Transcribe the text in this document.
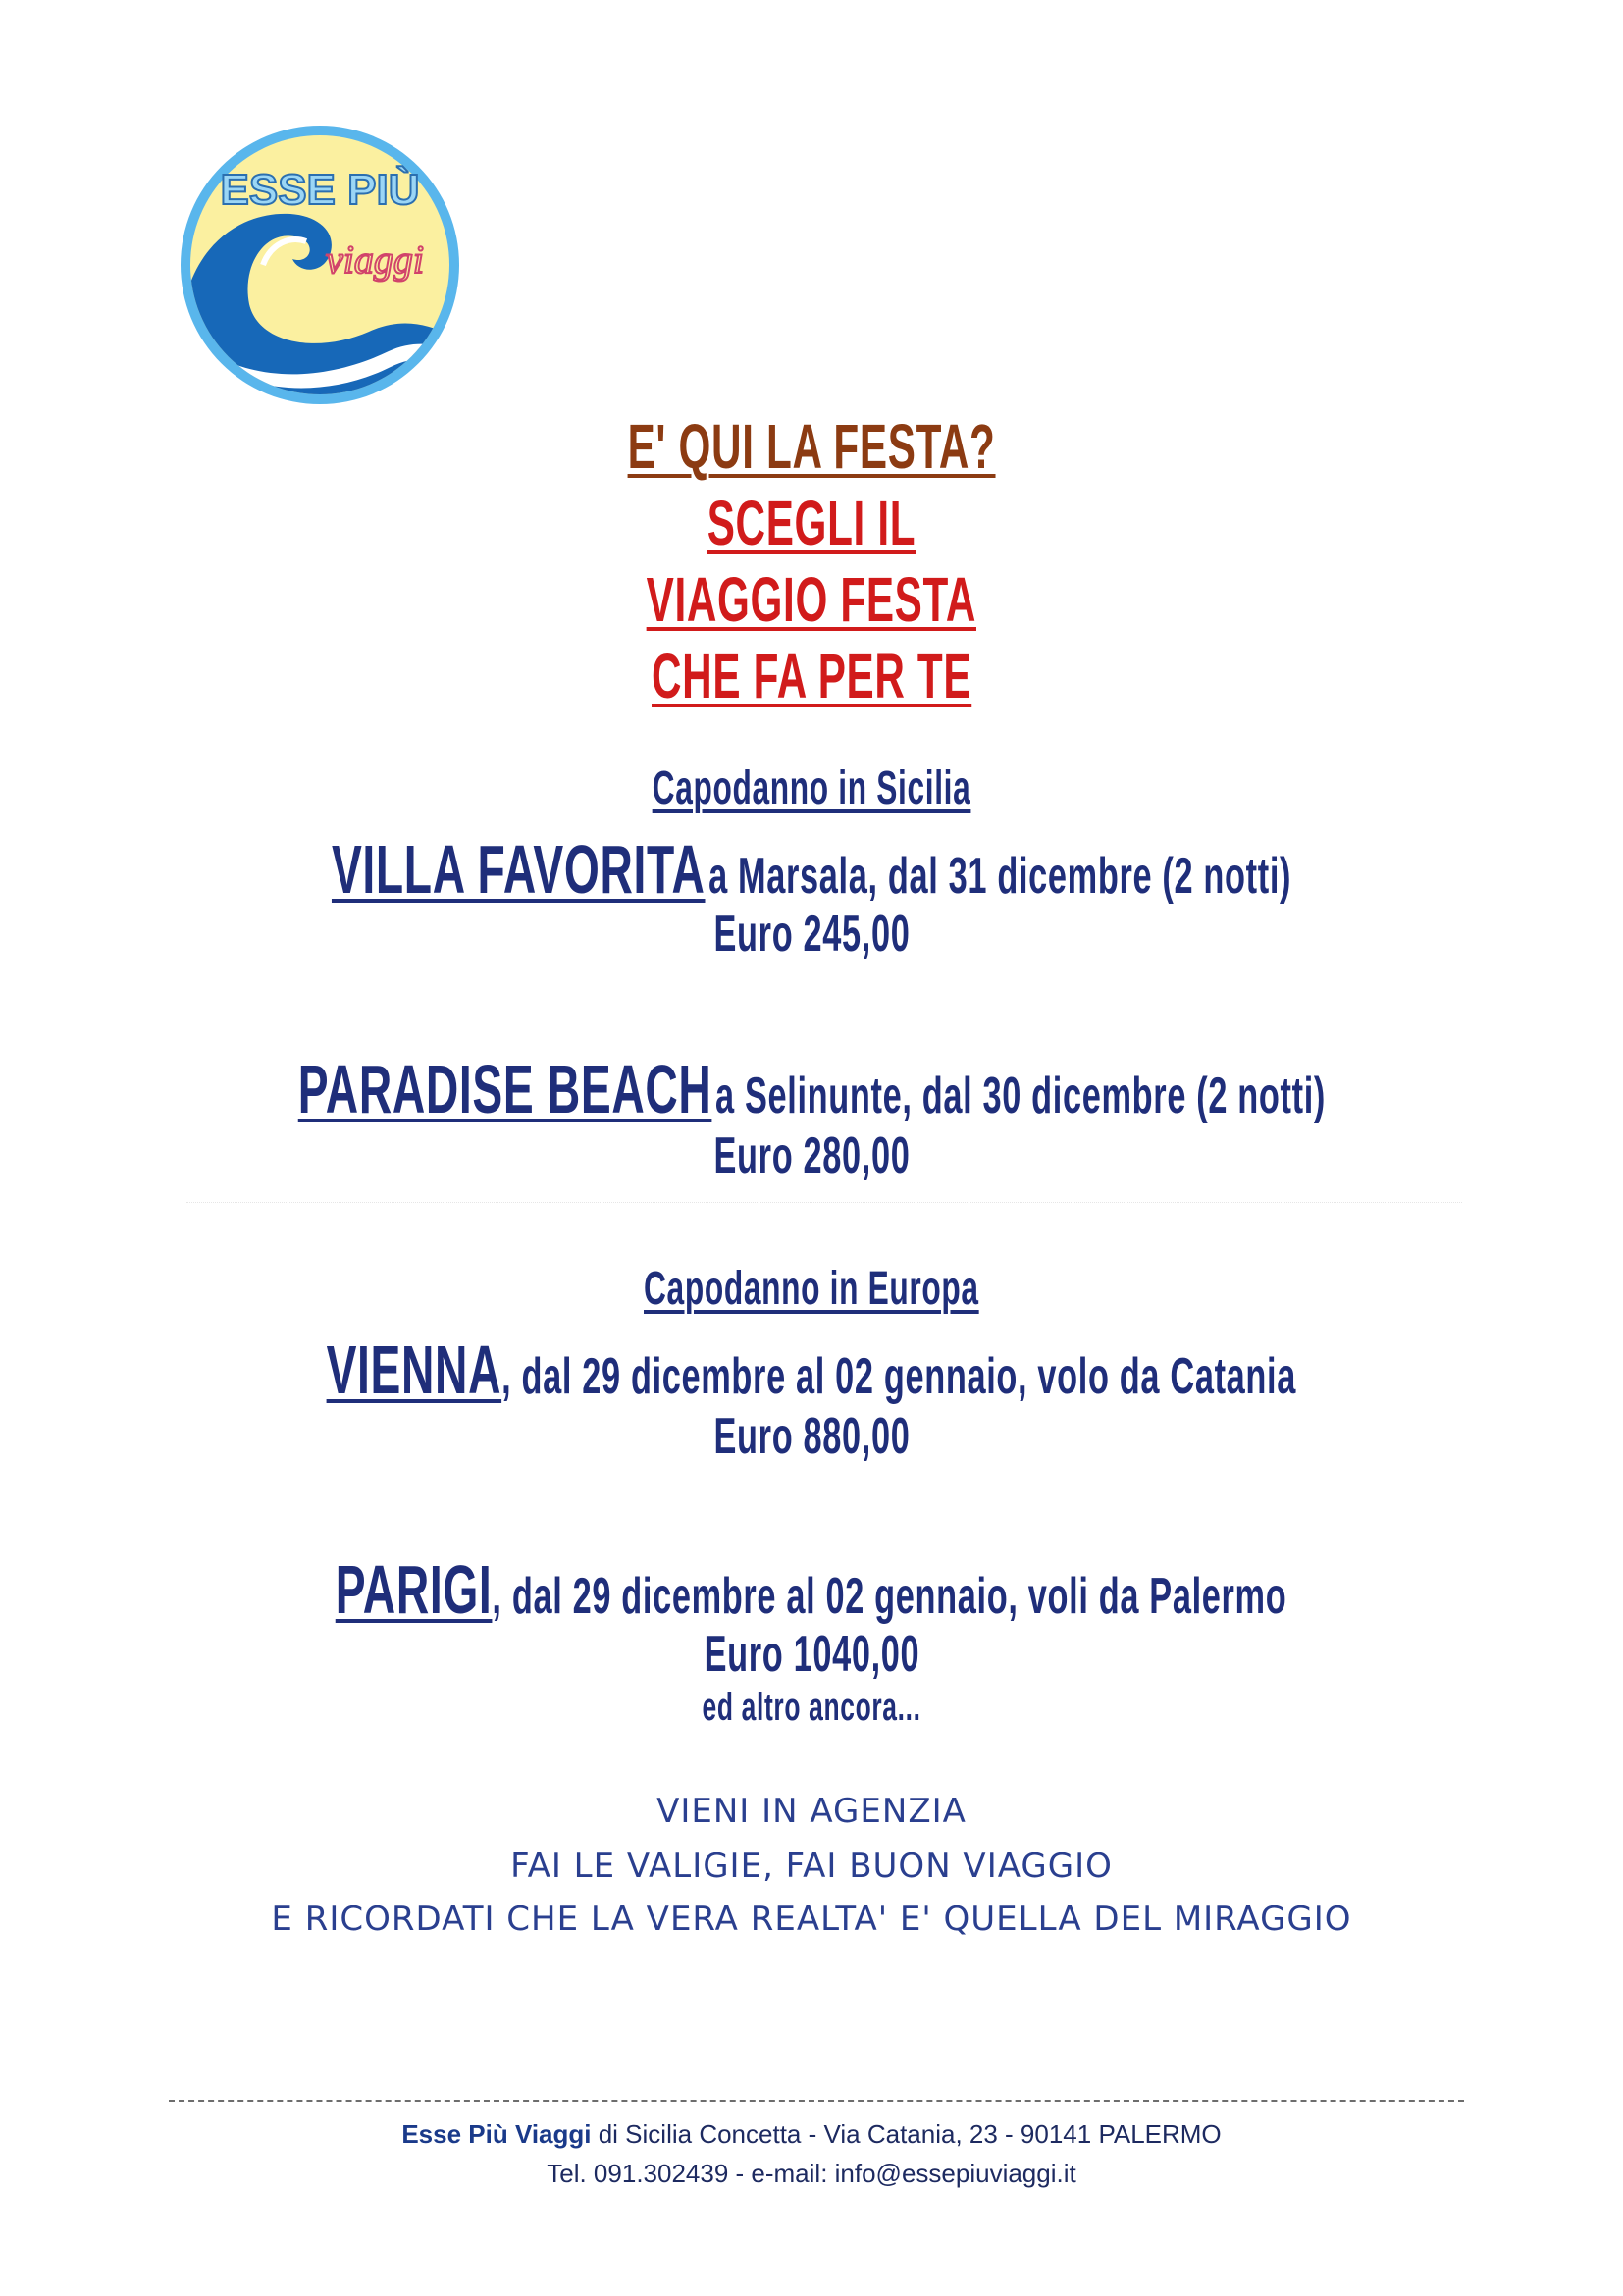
ESSE PIÙ
viaggi
E' QUI LA FESTA?
SCEGLI IL
VIAGGIO FESTA
CHE FA PER TE
Capodanno in Sicilia
VILLA FAVORITA a Marsala, dal 31 dicembre (2 notti)
Euro 245,00
PARADISE BEACH a Selinunte, dal 30 dicembre (2 notti)
Euro 280,00
Capodanno in Europa
VIENNA, dal 29 dicembre al 02 gennaio, volo da Catania
Euro 880,00
PARIGI, dal 29 dicembre al 02 gennaio, voli da Palermo
Euro 1040,00
ed altro ancora...
VIENI IN AGENZIA
FAI LE VALIGIE, FAI BUON VIAGGIO
E RICORDATI CHE LA VERA REALTA' E' QUELLA DEL MIRAGGIO
Esse Più Viaggi di Sicilia Concetta - Via Catania, 23 - 90141 PALERMO
Tel. 091.302439 - e-mail: info@essepiuviaggi.it
